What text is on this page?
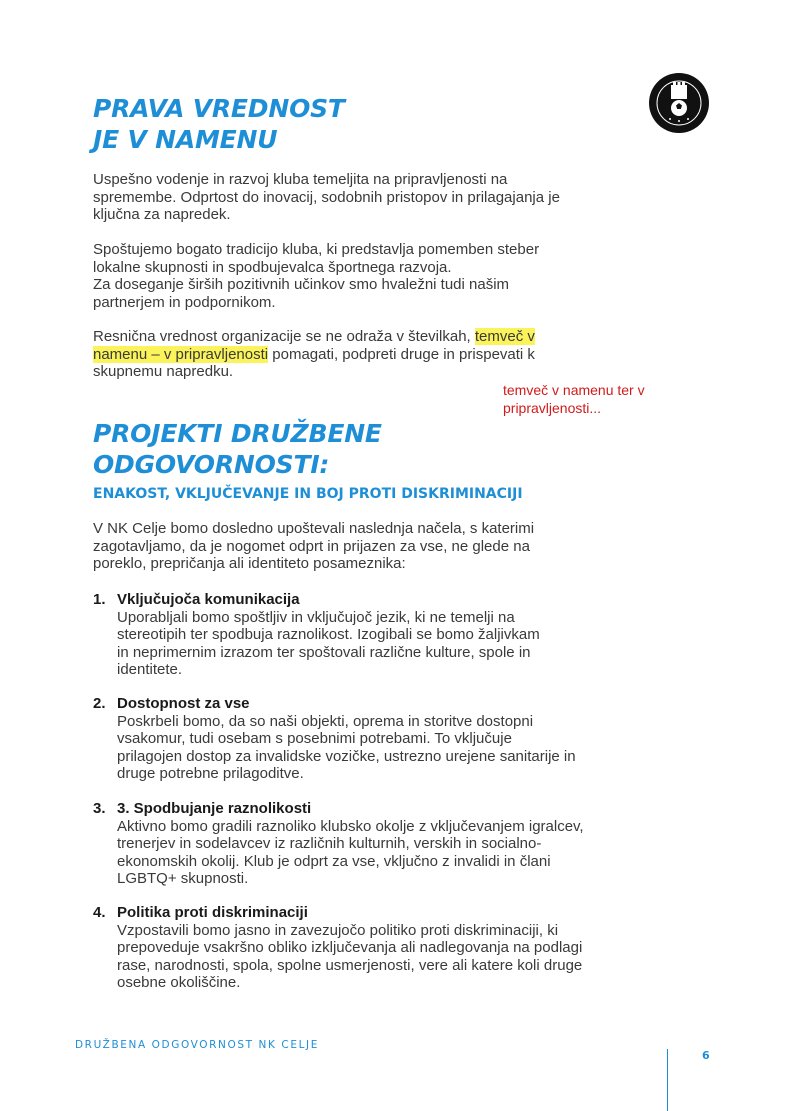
PRAVA VREDNOST
JE V NAMENU

Uspešno vodenje in razvoj kluba temeljita na pripravljenosti na
spremembe. Odprtost do inovacij, sodobnih pristopov in prilagajanja je
ključna za napredek.

Spoštujemo bogato tradicijo kluba, ki predstavlja pomemben steber
lokalne skupnosti in spodbujevalca športnega razvoja.
Za doseganje širših pozitivnih učinkov smo hvaležni tudi našim
partnerjem in podpornikom.

Resnična vrednost organizacije se ne odraža v številkah, temveč v
namenu – v pripravljenosti pomagati, podpreti druge in prispevati k
skupnemu napredku.

temveč v namenu ter v
pripravljenosti...

PROJEKTI DRUŽBENE
ODGOVORNOSTI:
ENAKOST, VKLJUČEVANJE IN BOJ PROTI DISKRIMINACIJI

V NK Celje bomo dosledno upoštevali naslednja načela, s katerimi
zagotavljamo, da je nogomet odprt in prijazen za vse, ne glede na
poreklo, prepričanja ali identiteto posameznika:

1. Vključujoča komunikacija
Uporabljali bomo spoštljiv in vključujoč jezik, ki ne temelji na
stereotipih ter spodbuja raznolikost. Izogibali se bomo žaljivkam
in neprimernim izrazom ter spoštovali različne kulture, spole in
identitete.
2. Dostopnost za vse
Poskrbeli bomo, da so naši objekti, oprema in storitve dostopni
vsakomur, tudi osebam s posebnimi potrebami. To vključuje
prilagojen dostop za invalidske vozičke, ustrezno urejene sanitarije in
druge potrebne prilagoditve.
3. 3. Spodbujanje raznolikosti
Aktivno bomo gradili raznoliko klubsko okolje z vključevanjem igralcev,
trenerjev in sodelavcev iz različnih kulturnih, verskih in socialno-
ekonomskih okolij. Klub je odprt za vse, vključno z invalidi in člani
LGBTQ+ skupnosti.
4. Politika proti diskriminaciji
Vzpostavili bomo jasno in zavezujočo politiko proti diskriminaciji, ki
prepoveduje vsakršno obliko izključevanja ali nadlegovanja na podlagi
rase, narodnosti, spola, spolne usmerjenosti, vere ali katere koli druge
osebne okoliščine.

DRUŽBENA ODGOVORNOST NK CELJE

6
